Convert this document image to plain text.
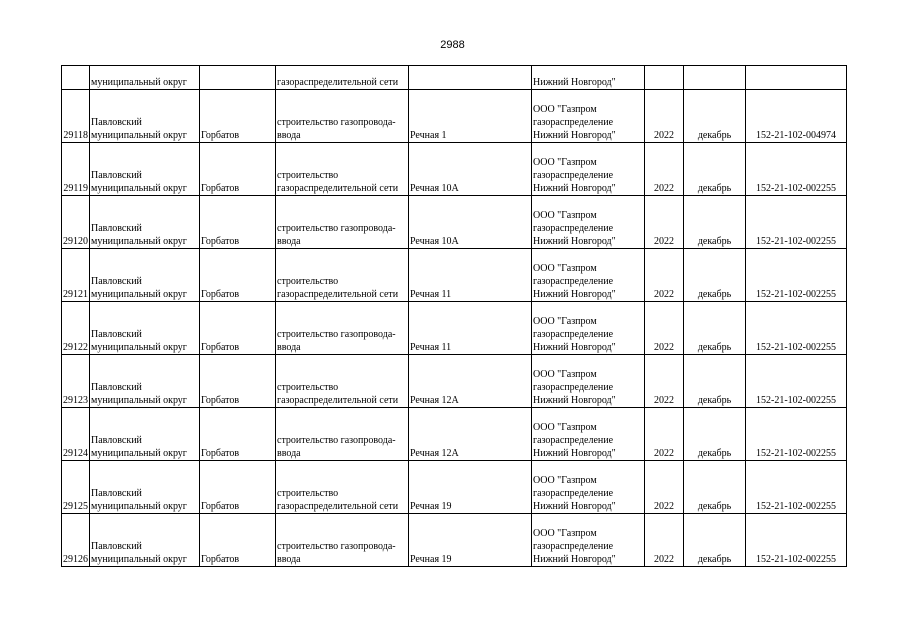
2988
	муниципальный округ		газораспределительной сети		Нижний Новгород"			
29118	Павловский
муниципальный округ	Горбатов	строительство газопровода-
ввода	Речная 1	ООО "Газпром
газораспределение
Нижний Новгород"	2022	декабрь	152-21-102-004974
29119	Павловский
муниципальный округ	Горбатов	строительство
газораспределительной сети	Речная 10А	ООО "Газпром
газораспределение
Нижний Новгород"	2022	декабрь	152-21-102-002255
29120	Павловский
муниципальный округ	Горбатов	строительство газопровода-
ввода	Речная 10А	ООО "Газпром
газораспределение
Нижний Новгород"	2022	декабрь	152-21-102-002255
29121	Павловский
муниципальный округ	Горбатов	строительство
газораспределительной сети	Речная 11	ООО "Газпром
газораспределение
Нижний Новгород"	2022	декабрь	152-21-102-002255
29122	Павловский
муниципальный округ	Горбатов	строительство газопровода-
ввода	Речная 11	ООО "Газпром
газораспределение
Нижний Новгород"	2022	декабрь	152-21-102-002255
29123	Павловский
муниципальный округ	Горбатов	строительство
газораспределительной сети	Речная 12А	ООО "Газпром
газораспределение
Нижний Новгород"	2022	декабрь	152-21-102-002255
29124	Павловский
муниципальный округ	Горбатов	строительство газопровода-
ввода	Речная 12А	ООО "Газпром
газораспределение
Нижний Новгород"	2022	декабрь	152-21-102-002255
29125	Павловский
муниципальный округ	Горбатов	строительство
газораспределительной сети	Речная 19	ООО "Газпром
газораспределение
Нижний Новгород"	2022	декабрь	152-21-102-002255
29126	Павловский
муниципальный округ	Горбатов	строительство газопровода-
ввода	Речная 19	ООО "Газпром
газораспределение
Нижний Новгород"	2022	декабрь	152-21-102-002255
